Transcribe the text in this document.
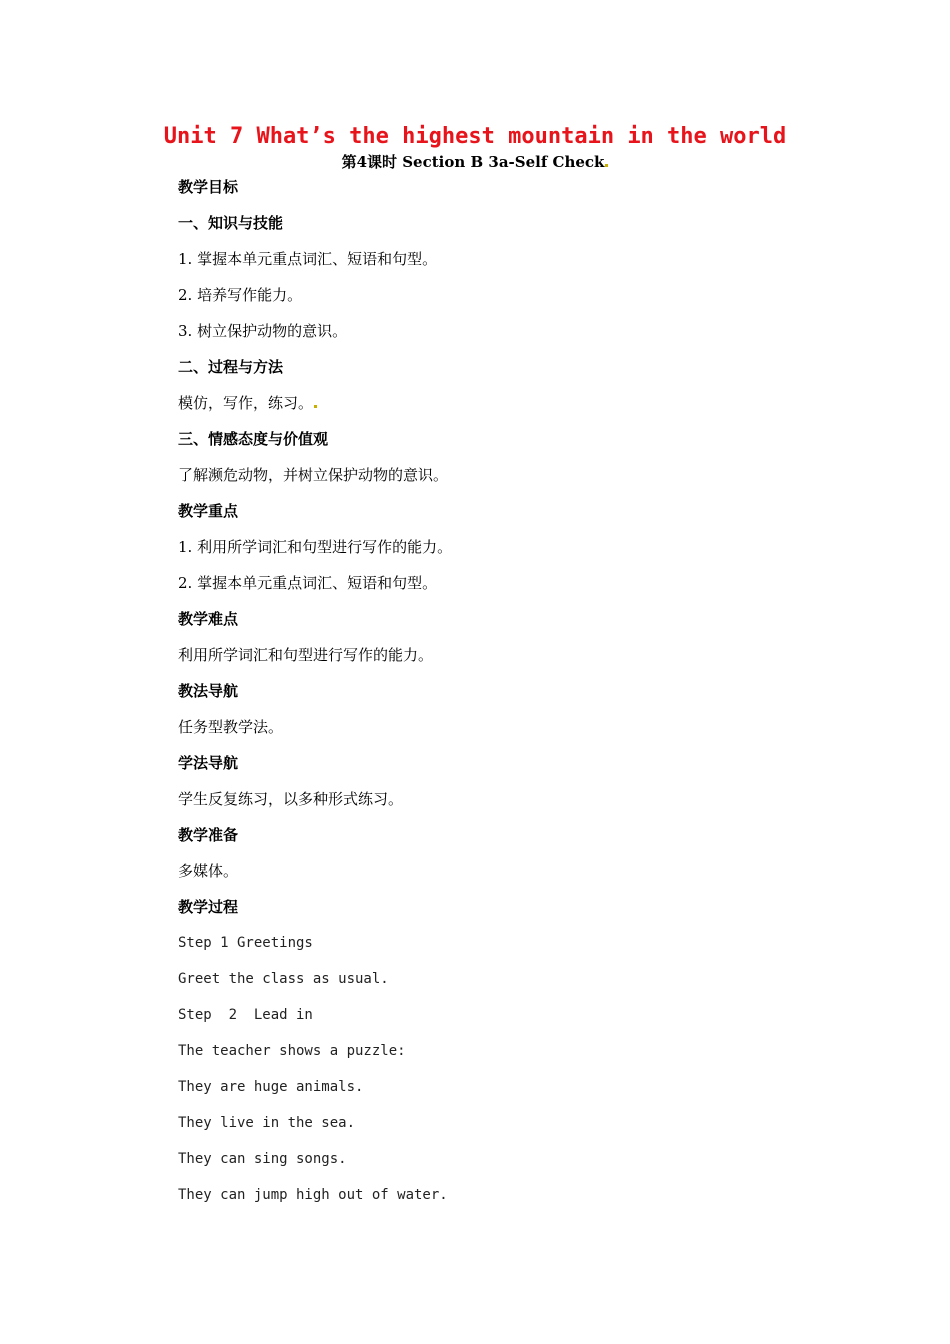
Unit 7 What’s the highest mountain in the world
第4课时 Section B 3a-Self Check
教学目标
一、知识与技能
1. 掌握本单元重点词汇、短语和句型。
2. 培养写作能力。
3. 树立保护动物的意识。
二、过程与方法
模仿，写作，练习。
三、情感态度与价值观
了解濒危动物，并树立保护动物的意识。
教学重点
1. 利用所学词汇和句型进行写作的能力。
2. 掌握本单元重点词汇、短语和句型。
教学难点
利用所学词汇和句型进行写作的能力。
教法导航
任务型教学法。
学法导航
学生反复练习，以多种形式练习。
教学准备
多媒体。
教学过程
Step 1 Greetings
Greet the class as usual.
Step  2  Lead in
The teacher shows a puzzle:
They are huge animals.
They live in the sea.
They can sing songs.
They can jump high out of water.
